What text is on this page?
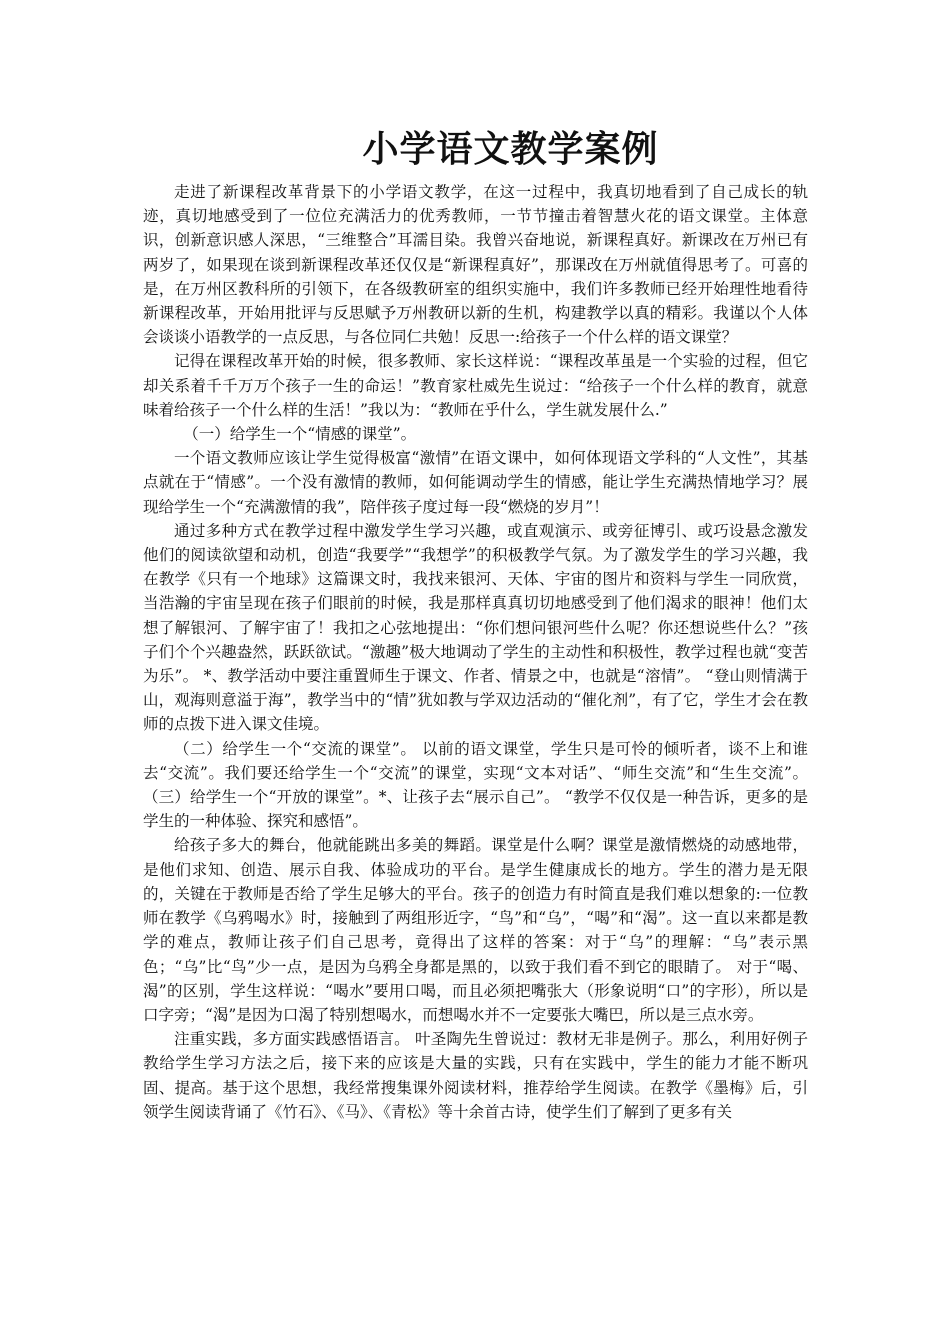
小学语文教学案例

走进了新课程改革背景下的小学语文教学，在这一过程中，我真切地看到了自己成长的轨迹，真切地感受到了一位位充满活力的优秀教师，一节节撞击着智慧火花的语文课堂。主体意识，创新意识感人深思，“三维整合”耳濡目染。我曾兴奋地说，新课程真好。新课改在万州已有两岁了，如果现在谈到新课程改革还仅仅是“新课程真好”，那课改在万州就值得思考了。可喜的是，在万州区教科所的引领下，在各级教研室的组织实施中，我们许多教师已经开始理性地看待新课程改革，开始用批评与反思赋予万州教研以新的生机，构建教学以真的精彩。我谨以个人体会谈谈小语教学的一点反思，与各位同仁共勉！反思一:给孩子一个什么样的语文课堂？

记得在课程改革开始的时候，很多教师、家长这样说：“课程改革虽是一个实验的过程，但它却关系着千千万万个孩子一生的命运！”教育家杜威先生说过：“给孩子一个什么样的教育，就意味着给孩子一个什么样的生活！”我以为：“教师在乎什么，学生就发展什么.”

（一）给学生一个“情感的课堂”。

一个语文教师应该让学生觉得极富“激情”在语文课中，如何体现语文学科的“人文性”，其基点就在于“情感”。一个没有激情的教师，如何能调动学生的情感，能让学生充满热情地学习？展现给学生一个“充满激情的我”，陪伴孩子度过每一段“燃烧的岁月”！

通过多种方式在教学过程中激发学生学习兴趣，或直观演示、或旁征博引、或巧设悬念激发他们的阅读欲望和动机，创造“我要学”“我想学”的积极教学气氛。为了激发学生的学习兴趣，我在教学《只有一个地球》这篇课文时，我找来银河、天体、宇宙的图片和资料与学生一同欣赏，当浩瀚的宇宙呈现在孩子们眼前的时候，我是那样真真切切地感受到了他们渴求的眼神！他们太想了解银河、了解宇宙了！我扣之心弦地提出：“你们想问银河些什么呢？你还想说些什么？”孩子们个个兴趣盎然，跃跃欲试。“激趣”极大地调动了学生的主动性和积极性，教学过程也就“变苦为乐”。 *、教学活动中要注重置师生于课文、作者、情景之中，也就是“溶情”。 “登山则情满于山，观海则意溢于海”，教学当中的“情”犹如教与学双边活动的“催化剂”，有了它，学生才会在教师的点拨下进入课文佳境。

（二）给学生一个“交流的课堂”。 以前的语文课堂，学生只是可怜的倾听者，谈不上和谁去“交流”。我们要还给学生一个“交流”的课堂，实现“文本对话”、“师生交流”和“生生交流”。（三）给学生一个“开放的课堂”。*、让孩子去“展示自己”。 “教学不仅仅是一种告诉，更多的是学生的一种体验、探究和感悟”。

给孩子多大的舞台，他就能跳出多美的舞蹈。课堂是什么啊？课堂是激情燃烧的动感地带，是他们求知、创造、展示自我、体验成功的平台。是学生健康成长的地方。学生的潜力是无限的，关键在于教师是否给了学生足够大的平台。孩子的创造力有时简直是我们难以想象的:一位教师在教学《乌鸦喝水》时，接触到了两组形近字，“鸟”和“乌”，“喝”和“渴”。这一直以来都是教学的难点，教师让孩子们自己思考，竟得出了这样的答案：对于“乌”的理解：“乌”表示黑色；“乌”比“鸟”少一点，是因为乌鸦全身都是黑的，以致于我们看不到它的眼睛了。 对于“喝、渴”的区别，学生这样说：“喝水”要用口喝，而且必须把嘴张大（形象说明“口”的字形），所以是口字旁；“渴”是因为口渴了特别想喝水，而想喝水并不一定要张大嘴巴，所以是三点水旁。

注重实践，多方面实践感悟语言。 叶圣陶先生曾说过：教材无非是例子。那么，利用好例子教给学生学习方法之后，接下来的应该是大量的实践，只有在实践中，学生的能力才能不断巩固、提高。基于这个思想，我经常搜集课外阅读材料，推荐给学生阅读。在教学《墨梅》后，引领学生阅读背诵了《竹石》、《马》、《青松》等十余首古诗，使学生们了解到了更多有关
